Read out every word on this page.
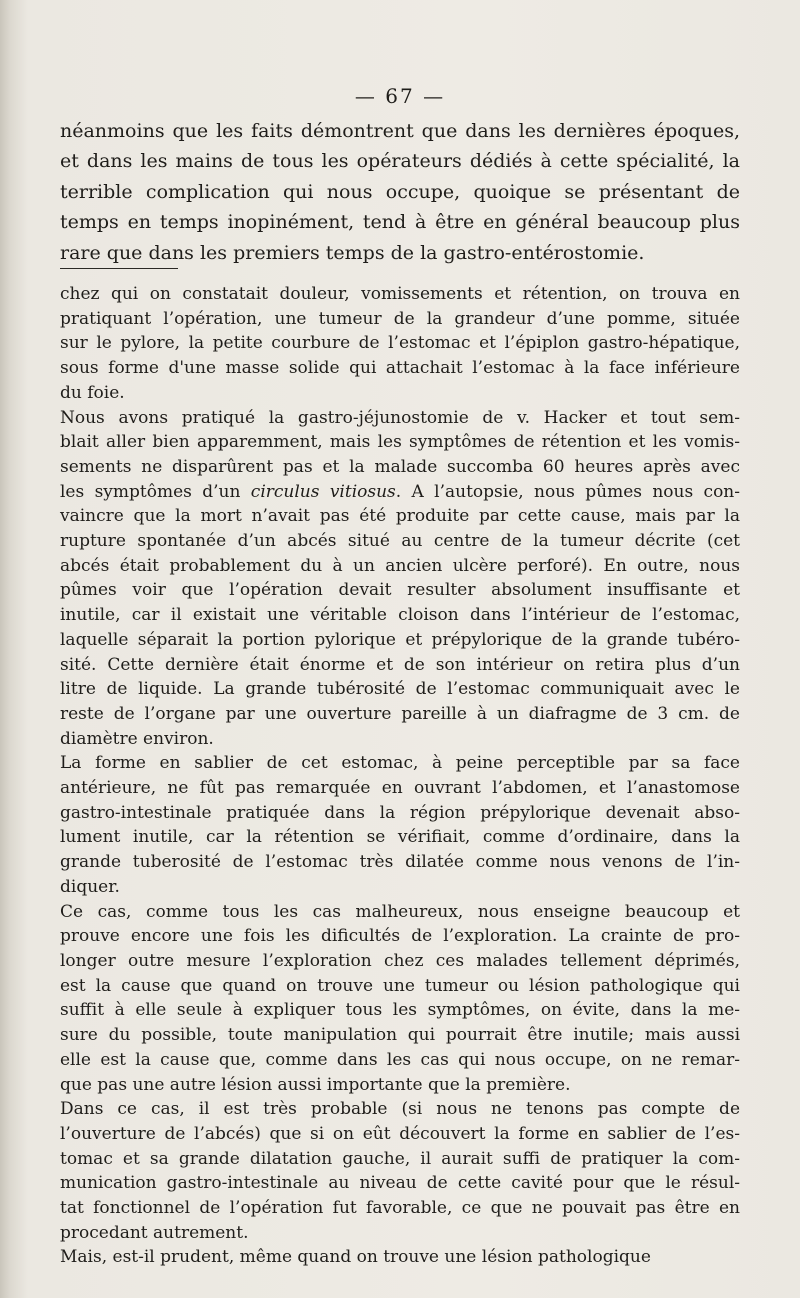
— 67 —
néanmoins que les faits démontrent que dans les dernières époques,
et dans les mains de tous les opérateurs dédiés à cette spécialité, la
terrible complication qui nous occupe, quoique se présentant de
temps en temps inopinément, tend à être en général beaucoup plus
rare que dans les premiers temps de la gastro-entérostomie.
chez qui on constatait douleur, vomissements et rétention, on trouva en
pratiquant l’opération, une tumeur de la grandeur d’une pomme, située
sur le pylore, la petite courbure de l’estomac et l’épiplon gastro-hépatique,
sous forme d'une masse solide qui attachait l’estomac à la face inférieure
du foie.
Nous avons pratiqué la gastro-jéjunostomie de v. Hacker et tout sem-
blait aller bien apparemment, mais les symptômes de rétention et les vomis-
sements ne disparûrent pas et la malade succomba 60 heures après avec
les symptômes d’un circulus vitiosus. A l’autopsie, nous pûmes nous con-
vaincre que la mort n’avait pas été produite par cette cause, mais par la
rupture spontanée d’un abcés situé au centre de la tumeur décrite (cet
abcés était probablement du à un ancien ulcère perforé). En outre, nous
pûmes voir que l’opération devait resulter absolument insuffisante et
inutile, car il existait une véritable cloison dans l’intérieur de l’estomac,
laquelle séparait la portion pylorique et prépylorique de la grande tubéro-
sité. Cette dernière était énorme et de son intérieur on retira plus d’un
litre de liquide. La grande tubérosité de l’estomac communiquait avec le
reste de l’organe par une ouverture pareille à un diafragme de 3 cm. de
diamètre environ.
La forme en sablier de cet estomac, à peine perceptible par sa face
antérieure, ne fût pas remarquée en ouvrant l’abdomen, et l’anastomose
gastro-intestinale pratiquée dans la région prépylorique devenait abso-
lument inutile, car la rétention se vérifiait, comme d’ordinaire, dans la
grande tuberosité de l’estomac très dilatée comme nous venons de l’in-
diquer.
Ce cas, comme tous les cas malheureux, nous enseigne beaucoup et
prouve encore une fois les dificultés de l’exploration. La crainte de pro-
longer outre mesure l’exploration chez ces malades tellement déprimés,
est la cause que quand on trouve une tumeur ou lésion pathologique qui
suffit à elle seule à expliquer tous les symptômes, on évite, dans la me-
sure du possible, toute manipulation qui pourrait être inutile; mais aussi
elle est la cause que, comme dans les cas qui nous occupe, on ne remar-
que pas une autre lésion aussi importante que la première.
Dans ce cas, il est très probable (si nous ne tenons pas compte de
l’ouverture de l’abcés) que si on eût découvert la forme en sablier de l’es-
tomac et sa grande dilatation gauche, il aurait suffi de pratiquer la com-
munication gastro-intestinale au niveau de cette cavité pour que le résul-
tat fonctionnel de l’opération fut favorable, ce que ne pouvait pas être en
procedant autrement.
Mais, est-il prudent, même quand on trouve une lésion pathologique
